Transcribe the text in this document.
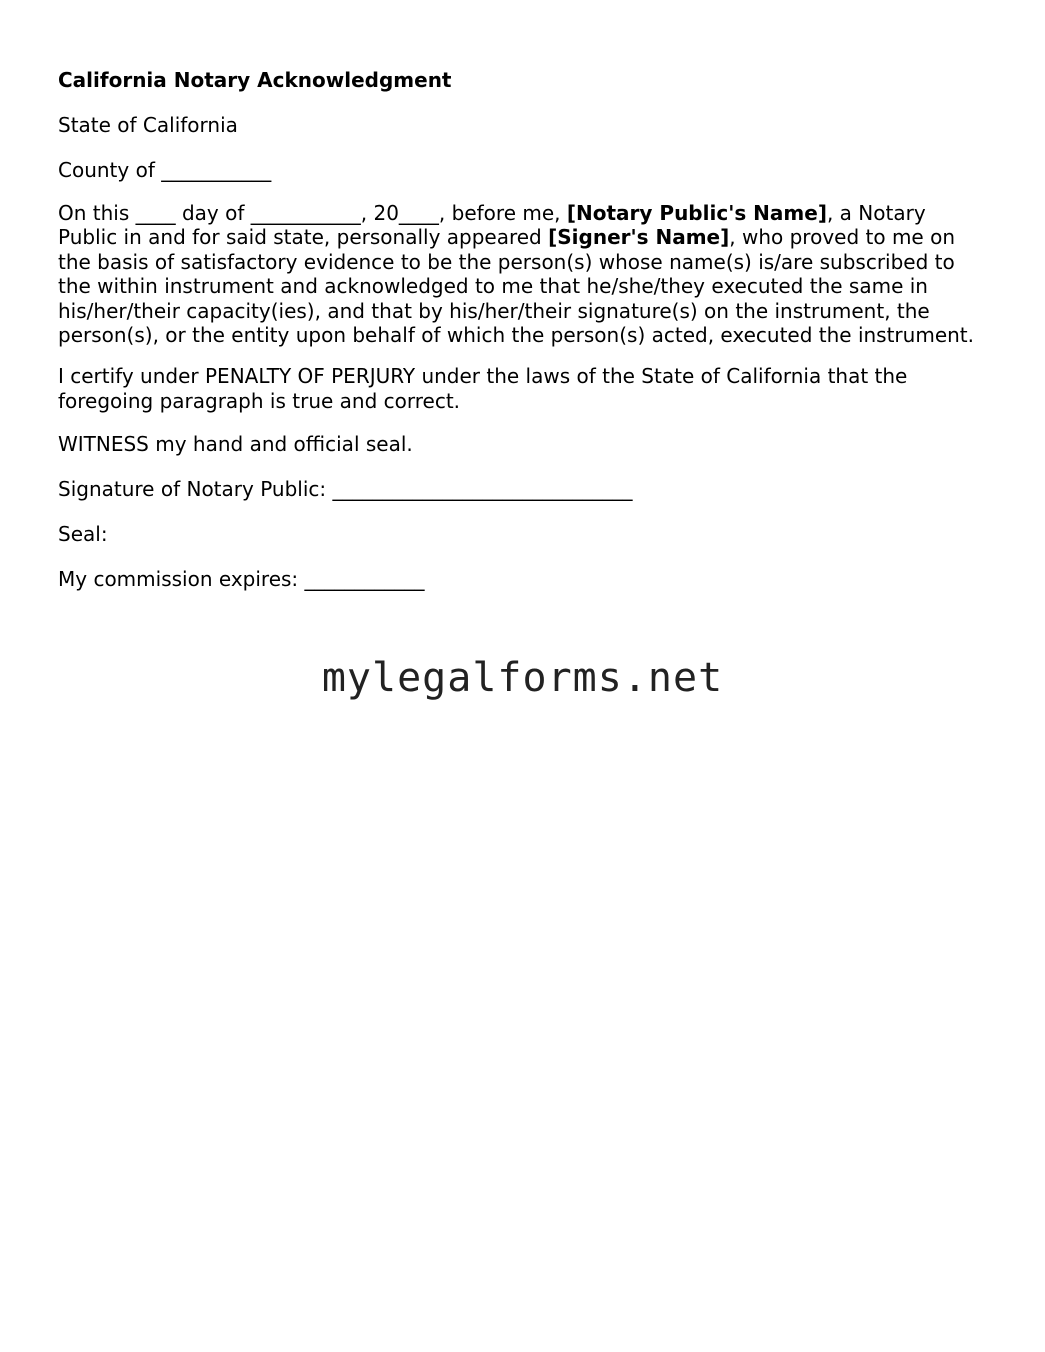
California Notary Acknowledgment
State of California
County of ___________
On this ____ day of ___________, 20____, before me, [Notary Public's Name], a Notary Public in and for said state, personally appeared [Signer's Name], who proved to me on the basis of satisfactory evidence to be the person(s) whose name(s) is/are subscribed to the within instrument and acknowledged to me that he/she/they executed the same in his/her/their capacity(ies), and that by his/her/their signature(s) on the instrument, the person(s), or the entity upon behalf of which the person(s) acted, executed the instrument.
I certify under PENALTY OF PERJURY under the laws of the State of California that the foregoing paragraph is true and correct.
WITNESS my hand and official seal.
Signature of Notary Public: ______________________________
Seal:
My commission expires: ____________
mylegalforms.net
